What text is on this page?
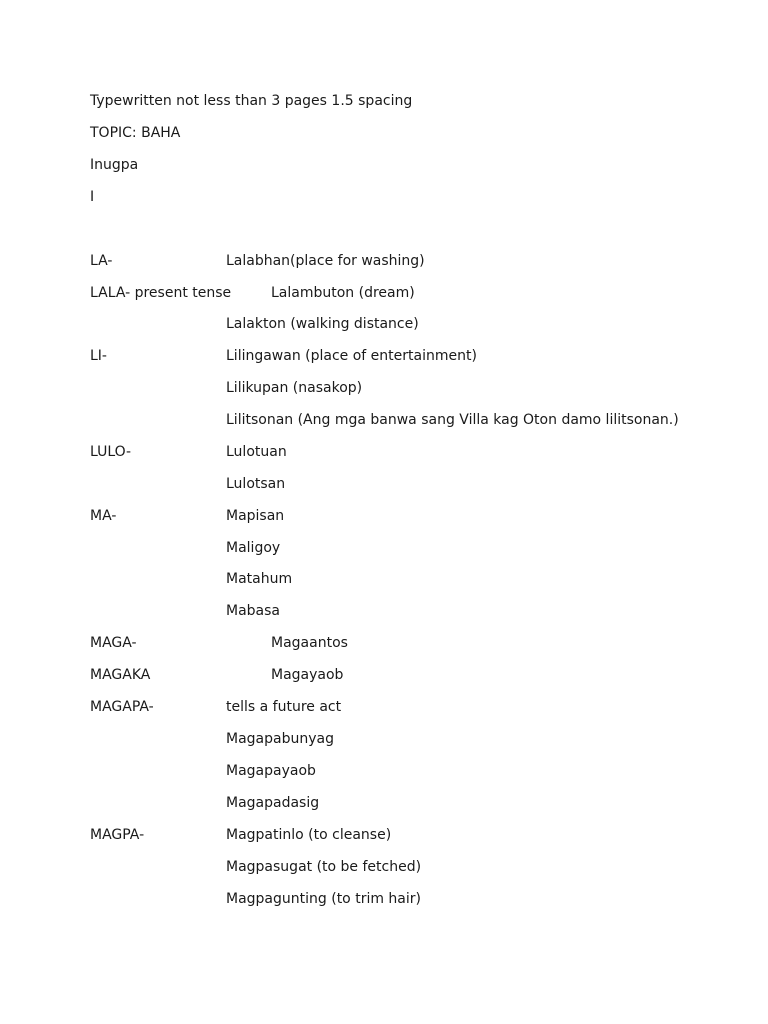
Typewritten not less than 3 pages 1.5 spacing
TOPIC: BAHA
Inugpa
I
LA-	Lalabhan(place for washing)
LALA- present tense	Lalambuton (dream)
Lalakton (walking distance)
LI-	Lilingawan (place of entertainment)
Lilikupan (nasakop)
Lilitsonan (Ang mga banwa sang Villa kag Oton damo lilitsonan.)
LULO-	Lulotuan
Lulotsan
MA-	Mapisan
Maligoy
Matahum
Mabasa
MAGA-	Magaantos
MAGAKA	Magayaob
MAGAPA-	tells a future act
Magapabunyag
Magapayaob
Magapadasig
MAGPA-	Magpatinlo (to cleanse)
Magpasugat (to be fetched)
Magpagunting (to trim hair)
